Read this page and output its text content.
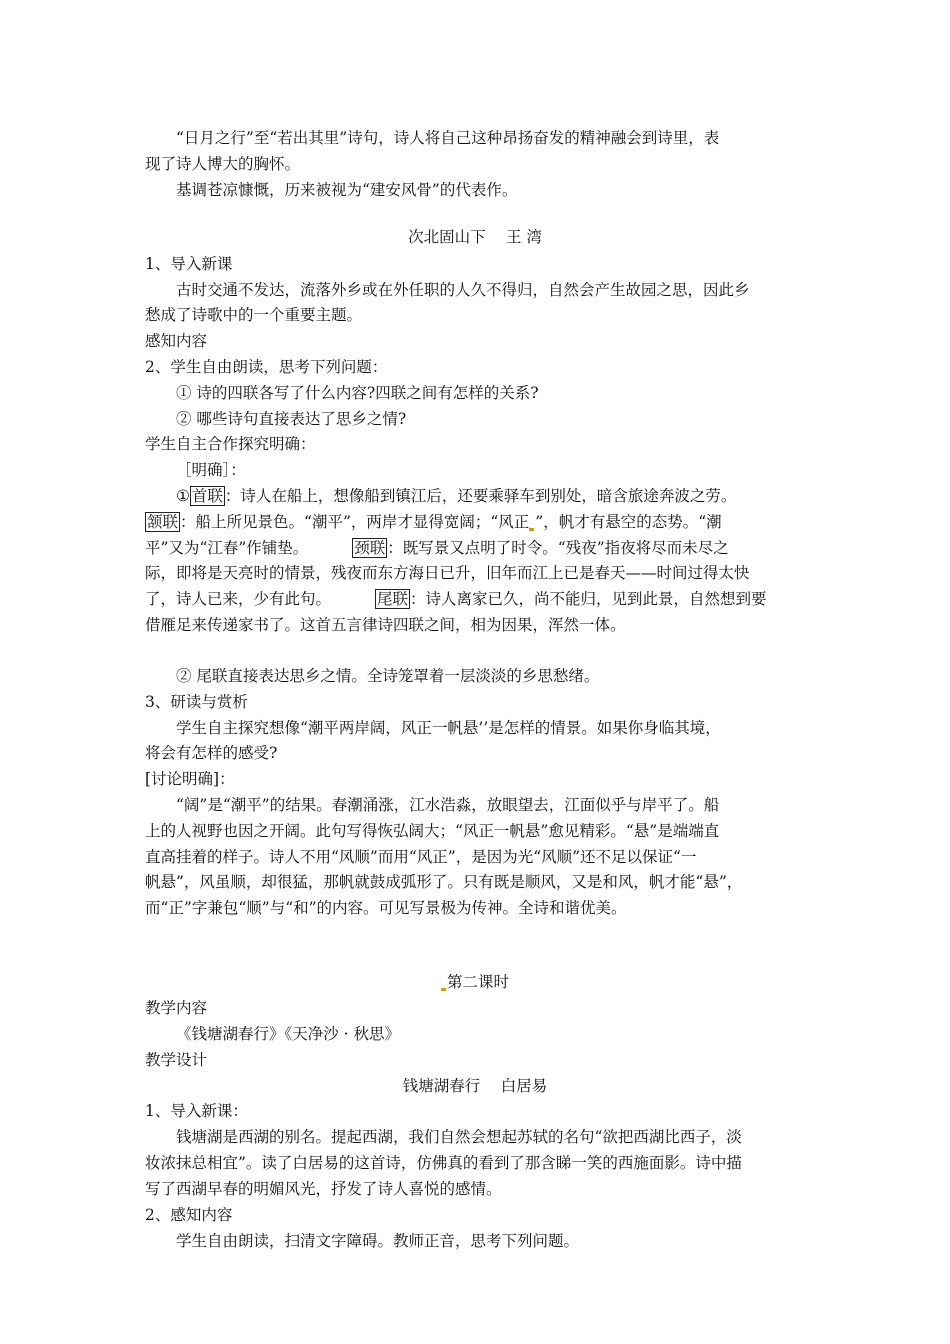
“日月之行”至“若出其里”诗句，诗人将自己这种昂扬奋发的精神融会到诗里，表
现了诗人博大的胸怀。
基调苍凉慷慨，历来被视为“建安风骨”的代表作。
次北固山下　 王 湾
1、导入新课
古时交通不发达，流落外乡或在外任职的人久不得归，自然会产生故园之思，因此乡
愁成了诗歌中的一个重要主题。
感知内容
2、学生自由朗读，思考下列问题：
① 诗的四联各写了什么内容?四联之间有怎样的关系?
② 哪些诗句直接表达了思乡之情?
学生自主合作探究明确：
［明确］：
① 首联 ：诗人在船上，想像船到镇江后，还要乘驿车到别处，暗含旅途奔波之劳。
颔联 ：船上所见景色。“潮平”，两岸才显得宽阔；“风正 ”，帆才有悬空的态势。“潮
平”又为“江春”作铺垫。	颈联 ：既写景又点明了时令。“残夜”指夜将尽而未尽之
际，即将是天亮时的情景，残夜而东方海日已升，旧年而江上已是春天——时间过得太快
了，诗人已来，少有此句。	尾联 ：诗人离家已久，尚不能归，见到此景，自然想到要
借雁足来传递家书了。这首五言律诗四联之间，相为因果，浑然一体。
② 尾联直接表达思乡之情。全诗笼罩着一层淡淡的乡思愁绪。
3、研读与赏析
学生自主探究想像“潮平两岸阔，风正一帆悬’’是怎样的情景。如果你身临其境，
将会有怎样的感受?
[讨论明确]：
“阔”是“潮平”的结果。春潮涌涨，江水浩淼，放眼望去，江面似乎与岸平了。船
上的人视野也因之开阔。此句写得恢弘阔大；“风正一帆悬”愈见精彩。“悬”是端端直
直高挂着的样子。诗人不用“风顺”而用“风正”，是因为光“风顺”还不足以保证“一
帆悬”，风虽顺，却很猛，那帆就鼓成弧形了。只有既是顺风，又是和风，帆才能“悬”，
而“正”字兼包“顺”与“和”的内容。可见写景极为传神。全诗和谐优美。
第二课时
教学内容
《钱塘湖春行》《天净沙 · 秋思》
教学设计
钱塘湖春行　 白居易
1、导入新课：
钱塘湖是西湖的别名。提起西湖，我们自然会想起苏轼的名句“欲把西湖比西子，淡
妆浓抹总相宜”。读了白居易的这首诗，仿佛真的看到了那含睇一笑的西施面影。诗中描
写了西湖早春的明媚风光，抒发了诗人喜悦的感情。
2、感知内容
学生自由朗读，扫清文字障碍。教师正音，思考下列问题。
